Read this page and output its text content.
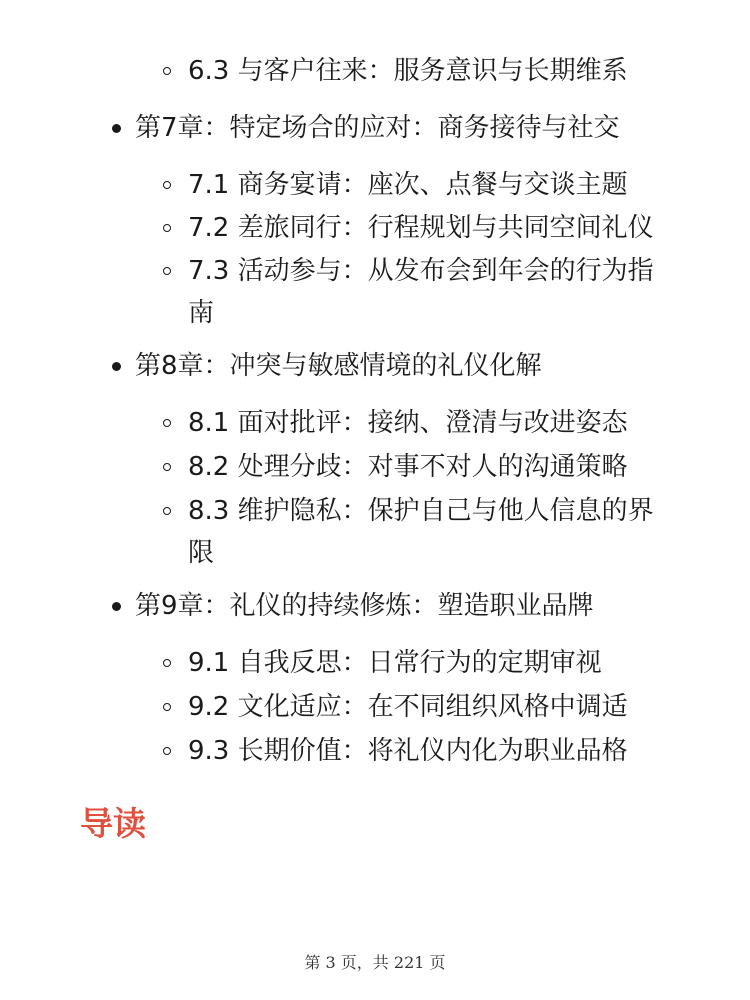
6.3 与客户往来：服务意识与长期维系
第7章：特定场合的应对：商务接待与社交
7.1 商务宴请：座次、点餐与交谈主题
7.2 差旅同行：行程规划与共同空间礼仪
7.3 活动参与：从发布会到年会的行为指南
第8章：冲突与敏感情境的礼仪化解
8.1 面对批评：接纳、澄清与改进姿态
8.2 处理分歧：对事不对人的沟通策略
8.3 维护隐私：保护自己与他人信息的界限
第9章：礼仪的持续修炼：塑造职业品牌
9.1 自我反思：日常行为的定期审视
9.2 文化适应：在不同组织风格中调适
9.3 长期价值：将礼仪内化为职业品格
导读
第 3 页，共 221 页
